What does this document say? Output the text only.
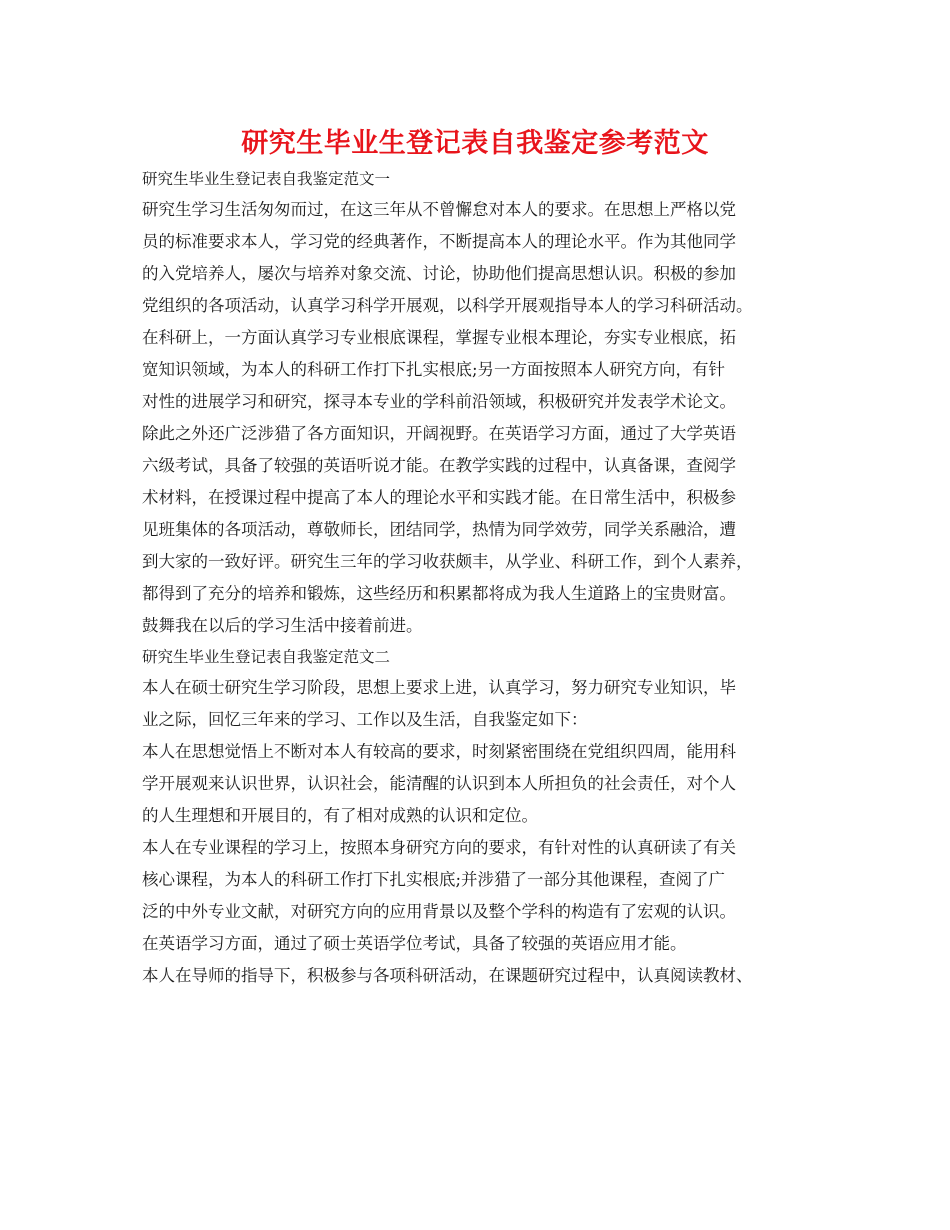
研究生毕业生登记表自我鉴定参考范文
研究生毕业生登记表自我鉴定范文一
研究生学习生活匆匆而过，在这三年从不曾懈怠对本人的要求。在思想上严格以党
员的标准要求本人，学习党的经典著作，不断提高本人的理论水平。作为其他同学
的入党培养人，屡次与培养对象交流、讨论，协助他们提高思想认识。积极的参加
党组织的各项活动，认真学习科学开展观，以科学开展观指导本人的学习科研活动。
在科研上，一方面认真学习专业根底课程，掌握专业根本理论，夯实专业根底，拓
宽知识领域，为本人的科研工作打下扎实根底;另一方面按照本人研究方向，有针
对性的进展学习和研究，探寻本专业的学科前沿领域，积极研究并发表学术论文。
除此之外还广泛涉猎了各方面知识，开阔视野。在英语学习方面，通过了大学英语
六级考试，具备了较强的英语听说才能。在教学实践的过程中，认真备课，查阅学
术材料，在授课过程中提高了本人的理论水平和实践才能。在日常生活中，积极参
见班集体的各项活动，尊敬师长，团结同学，热情为同学效劳，同学关系融洽，遭
到大家的一致好评。研究生三年的学习收获颇丰，从学业、科研工作，到个人素养，
都得到了充分的培养和锻炼，这些经历和积累都将成为我人生道路上的宝贵财富。
鼓舞我在以后的学习生活中接着前进。
研究生毕业生登记表自我鉴定范文二
本人在硕士研究生学习阶段，思想上要求上进，认真学习，努力研究专业知识，毕
业之际，回忆三年来的学习、工作以及生活，自我鉴定如下：
本人在思想觉悟上不断对本人有较高的要求，时刻紧密围绕在党组织四周，能用科
学开展观来认识世界，认识社会，能清醒的认识到本人所担负的社会责任，对个人
的人生理想和开展目的，有了相对成熟的认识和定位。
本人在专业课程的学习上，按照本身研究方向的要求，有针对性的认真研读了有关
核心课程，为本人的科研工作打下扎实根底;并涉猎了一部分其他课程，查阅了广
泛的中外专业文献，对研究方向的应用背景以及整个学科的构造有了宏观的认识。
在英语学习方面，通过了硕士英语学位考试，具备了较强的英语应用才能。
本人在导师的指导下，积极参与各项科研活动，在课题研究过程中，认真阅读教材、
